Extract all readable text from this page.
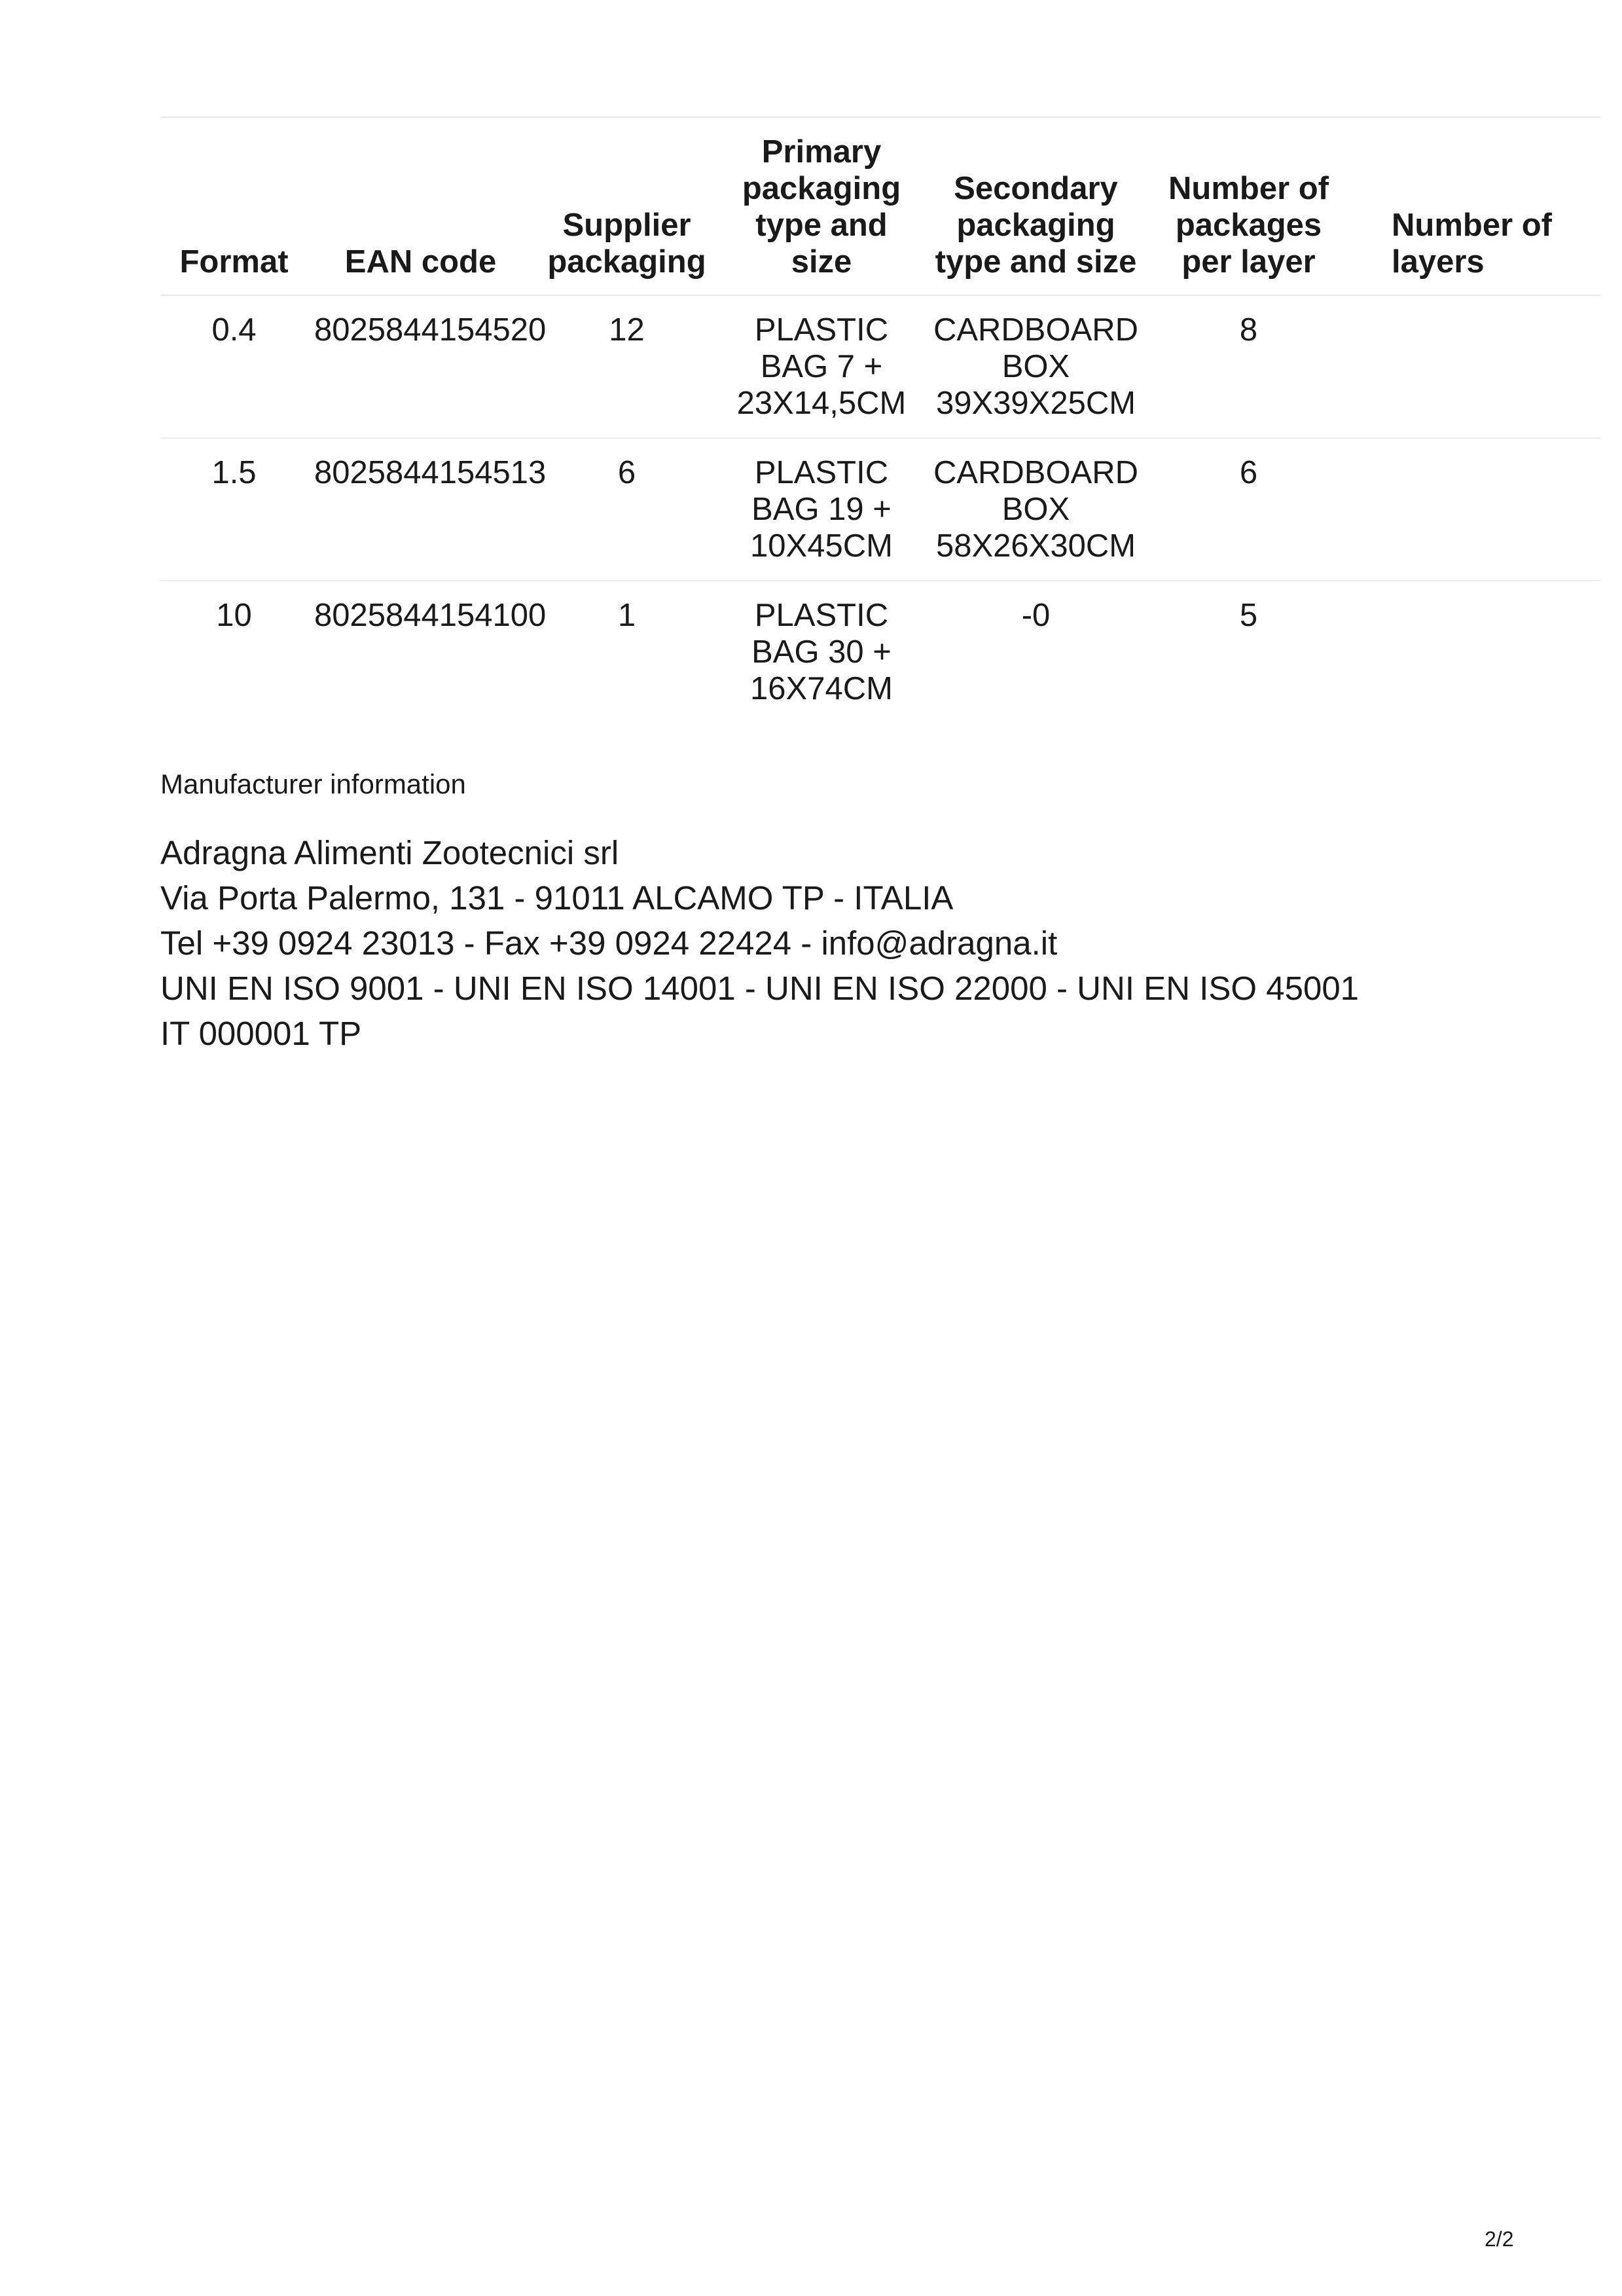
Format	EAN code	Supplier packaging	Primary packaging type and size	Secondary packaging type and size	Number of packages per layer	Number of layers
0.4	8025844154520	12	PLASTIC BAG 7 + 23X14,5CM	CARDBOARD BOX 39X39X25CM	8	
1.5	8025844154513	6	PLASTIC BAG 19 + 10X45CM	CARDBOARD BOX 58X26X30CM	6	
10	8025844154100	1	PLASTIC BAG 30 + 16X74CM	-0	5	
Manufacturer information
Adragna Alimenti Zootecnici srl
Via Porta Palermo, 131 - 91011 ALCAMO TP - ITALIA
Tel +39 0924 23013 - Fax +39 0924 22424 - info@adragna.it
UNI EN ISO 9001 - UNI EN ISO 14001 - UNI EN ISO 22000 - UNI EN ISO 45001
IT 000001 TP
2/2
